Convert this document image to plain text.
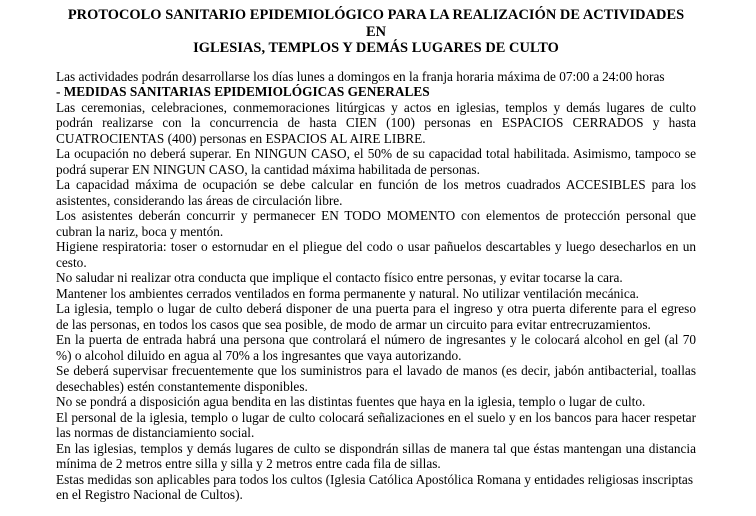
PROTOCOLO SANITARIO EPIDEMIOLÓGICO PARA LA REALIZACIÓN DE ACTIVIDADES EN
IGLESIAS, TEMPLOS Y DEMÁS LUGARES DE CULTO

Las actividades podrán desarrollarse los días lunes a domingos en la franja horaria máxima de 07:00 a 24:00 horas

- MEDIDAS SANITARIAS EPIDEMIOLÓGICAS GENERALES

Las ceremonias, celebraciones, conmemoraciones litúrgicas y actos en iglesias, templos y demás lugares de culto podrán realizarse con la concurrencia de hasta CIEN (100) personas en ESPACIOS CERRADOS y hasta CUATROCIENTAS (400) personas en ESPACIOS AL AIRE LIBRE.

La ocupación no deberá superar. En NINGUN CASO, el 50% de su capacidad total habilitada. Asimismo, tampoco se podrá superar EN NINGUN CASO, la cantidad máxima habilitada de personas.

La capacidad máxima de ocupación se debe calcular en función de los metros cuadrados ACCESIBLES para los asistentes, considerando las áreas de circulación libre.

Los asistentes deberán concurrir y permanecer EN TODO MOMENTO con elementos de protección personal que cubran la nariz, boca y mentón.

Higiene respiratoria: toser o estornudar en el pliegue del codo o usar pañuelos descartables y luego desecharlos en un cesto.

No saludar ni realizar otra conducta que implique el contacto físico entre personas, y evitar tocarse la cara.

Mantener los ambientes cerrados ventilados en forma permanente y natural. No utilizar ventilación mecánica.

La iglesia, templo o lugar de culto deberá disponer de una puerta para el ingreso y otra puerta diferente para el egreso de las personas, en todos los casos que sea posible, de modo de armar un circuito para evitar entrecruzamientos.

En la puerta de entrada habrá una persona que controlará el número de ingresantes y le colocará alcohol en gel (al 70 %) o alcohol diluido en agua al 70% a los ingresantes que vaya autorizando.

Se deberá supervisar frecuentemente que los suministros para el lavado de manos (es decir, jabón antibacterial, toallas desechables) estén constantemente disponibles.

No se pondrá a disposición agua bendita en las distintas fuentes que haya en la iglesia, templo o lugar de culto.

El personal de la iglesia, templo o lugar de culto colocará señalizaciones en el suelo y en los bancos para hacer respetar las normas de distanciamiento social.

En las iglesias, templos y demás lugares de culto se dispondrán sillas de manera tal que éstas mantengan una distancia mínima de 2 metros entre silla y silla y 2 metros entre cada fila de sillas.

Estas medidas son aplicables para todos los cultos (Iglesia Católica Apostólica Romana y entidades religiosas inscriptas en el Registro Nacional de Cultos).
